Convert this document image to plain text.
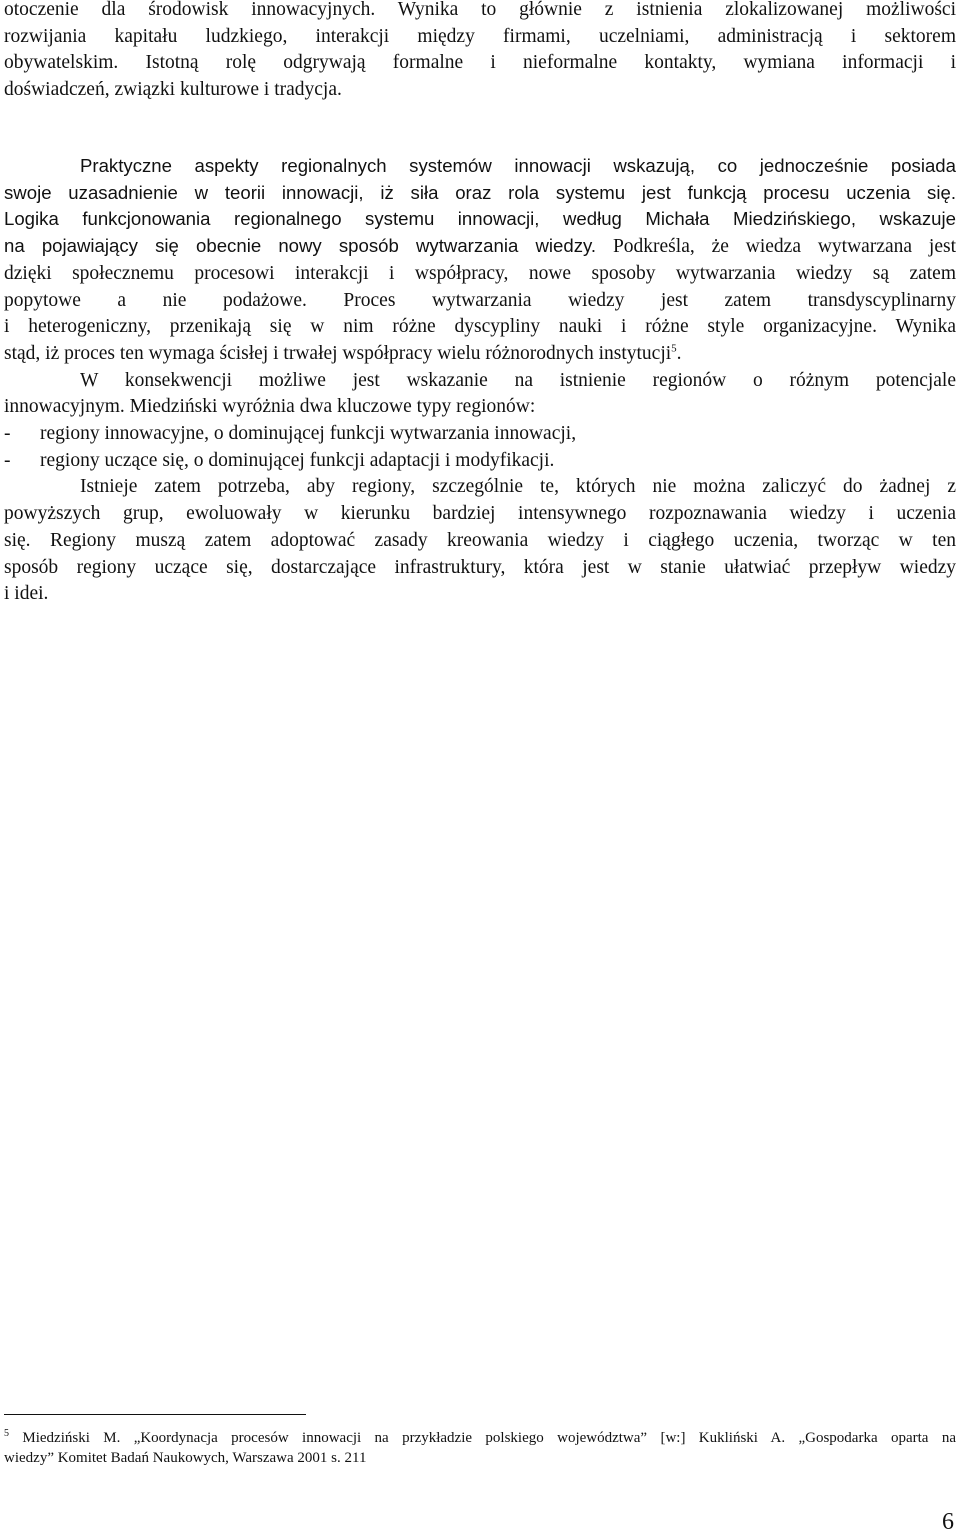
otoczenie dla środowisk innowacyjnych. Wynika to głównie z istnienia zlokalizowanej możliwości
rozwijania kapitału ludzkiego, interakcji między firmami, uczelniami, administracją i sektorem
obywatelskim. Istotną rolę odgrywają formalne i nieformalne kontakty, wymiana informacji i
doświadczeń, związki kulturowe i tradycja.
Praktyczne aspekty regionalnych systemów innowacji wskazują, co jednocześnie posiada
swoje uzasadnienie w teorii innowacji, iż siła oraz rola systemu jest funkcją procesu uczenia się.
Logika funkcjonowania regionalnego systemu innowacji, według Michała Miedzińskiego, wskazuje
na pojawiający się obecnie nowy sposób wytwarzania wiedzy. Podkreśla, że wiedza wytwarzana jest
dzięki społecznemu procesowi interakcji i współpracy, nowe sposoby wytwarzania wiedzy są zatem
popytowe a nie podażowe. Proces wytwarzania wiedzy jest zatem transdyscyplinarny
i heterogeniczny, przenikają się w nim różne dyscypliny nauki i różne style organizacyjne. Wynika
stąd, iż proces ten wymaga ścisłej i trwałej współpracy wielu różnorodnych instytucji$^5$.
W konsekwencji możliwe jest wskazanie na istnienie regionów o różnym potencjale
innowacyjnym. Miedziński wyróżnia dwa kluczowe typy regionów:
- regiony innowacyjne, o dominującej funkcji wytwarzania innowacji,
- regiony uczące się, o dominującej funkcji adaptacji i modyfikacji.
Istnieje zatem potrzeba, aby regiony, szczególnie te, których nie można zaliczyć do żadnej z
powyższych grup, ewoluowały w kierunku bardziej intensywnego rozpoznawania wiedzy i uczenia
się. Regiony muszą zatem adoptować zasady kreowania wiedzy i ciągłego uczenia, tworząc w ten
sposób regiony uczące się, dostarczające infrastruktury, która jest w stanie ułatwiać przepływ wiedzy
i idei.
$^5$ Miedziński M. „Koordynacja procesów innowacji na przykładzie polskiego województwa” [w:] Kukliński A. „Gospodarka oparta na
wiedzy” Komitet Badań Naukowych, Warszawa 2001 s. 211
6
